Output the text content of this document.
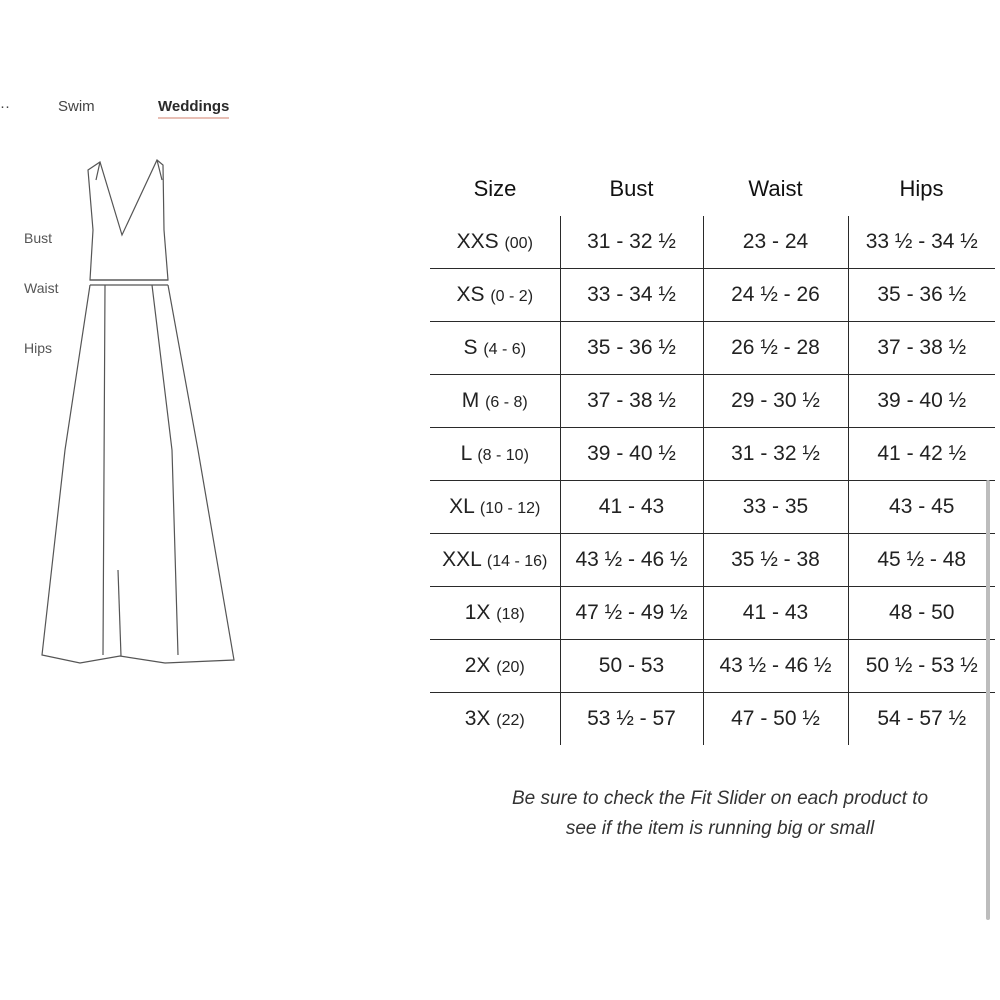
··	Swim	Weddings
Bust
Waist
Hips
Size	Bust	Waist	Hips
XXS (00)	31 - 32 ½	23 - 24	33 ½ - 34 ½
XS (0 - 2)	33 - 34 ½	24 ½ - 26	35 - 36 ½
S (4 - 6)	35 - 36 ½	26 ½ - 28	37 - 38 ½
M (6 - 8)	37 - 38 ½	29 - 30 ½	39 - 40 ½
L (8 - 10)	39 - 40 ½	31 - 32 ½	41 - 42 ½
XL (10 - 12)	41 - 43	33 - 35	43 - 45
XXL (14 - 16)	43 ½ - 46 ½	35 ½ - 38	45 ½ - 48
1X (18)	47 ½ - 49 ½	41 - 43	48 - 50
2X (20)	50 - 53	43 ½ - 46 ½	50 ½ - 53 ½
3X (22)	53 ½ - 57	47 - 50 ½	54 - 57 ½
Be sure to check the Fit Slider on each product to
see if the item is running big or small
